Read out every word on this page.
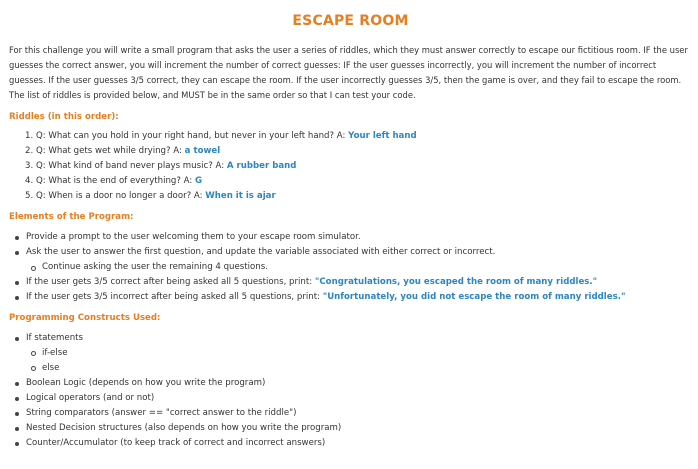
ESCAPE ROOM

For this challenge you will write a small program that asks the user a series of riddles, which they must answer correctly to escape our fictitious room. IF the user guesses the correct answer, you will increment the number of correct guesses: IF the user guesses incorrectly, you will increment the number of incorrect guesses. If the user guesses 3/5 correct, they can escape the room. If the user incorrectly guesses 3/5, then the game is over, and they fail to escape the room. The list of riddles is provided below, and MUST be in the same order so that I can test your code.

Riddles (in this order):
1. Q: What can you hold in your right hand, but never in your left hand? A: Your left hand
2. Q: What gets wet while drying? A: a towel
3. Q: What kind of band never plays music? A: A rubber band
4. Q: What is the end of everything? A: G
5. Q: When is a door no longer a door? A: When it is ajar
Elements of the Program:
Provide a prompt to the user welcoming them to your escape room simulator.
Ask the user to answer the first question, and update the variable associated with either correct or incorrect.
Continue asking the user the remaining 4 questions.
If the user gets 3/5 correct after being asked all 5 questions, print: "Congratulations, you escaped the room of many riddles."
If the user gets 3/5 incorrect after being asked all 5 questions, print: "Unfortunately, you did not escape the room of many riddles."
Programming Constructs Used:
If statements
if-else
else
Boolean Logic (depends on how you write the program)
Logical operators (and or not)
String comparators (answer == "correct answer to the riddle")
Nested Decision structures (also depends on how you write the program)
Counter/Accumulator (to keep track of correct and incorrect answers)
